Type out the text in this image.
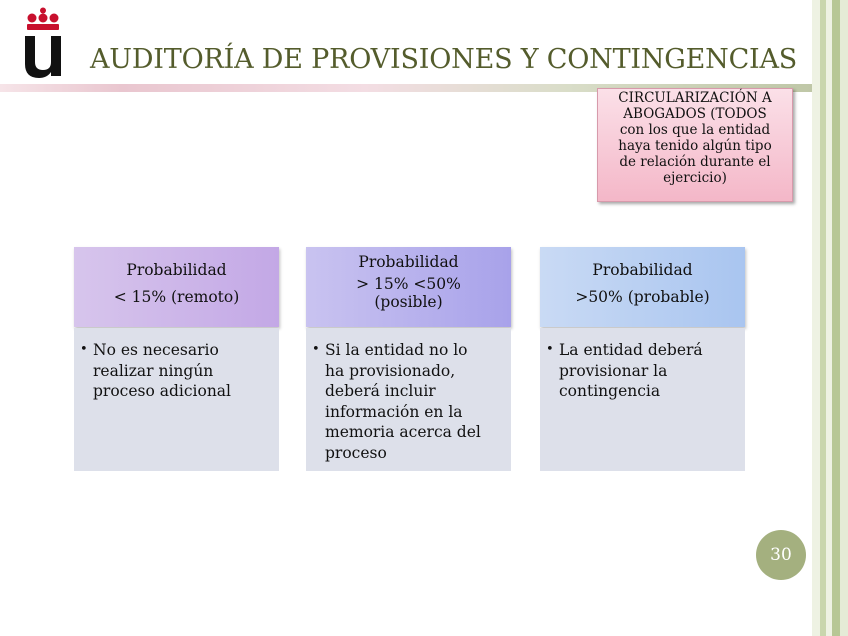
AUDITORÍA DE PROVISIONES Y CONTINGENCIAS
CIRCULARIZACIÓN A
ABOGADOS (TODOS
con los que la entidad
haya tenido algún tipo
de relación durante el
ejercicio)
Probabilidad
< 15% (remoto)
• No es necesario
realizar ningún
proceso adicional
Probabilidad
> 15% <50%
(posible)
• Si la entidad no lo
ha provisionado,
deberá incluir
información en la
memoria acerca del
proceso
Probabilidad
>50% (probable)
• La entidad deberá
provisionar la
contingencia
30
